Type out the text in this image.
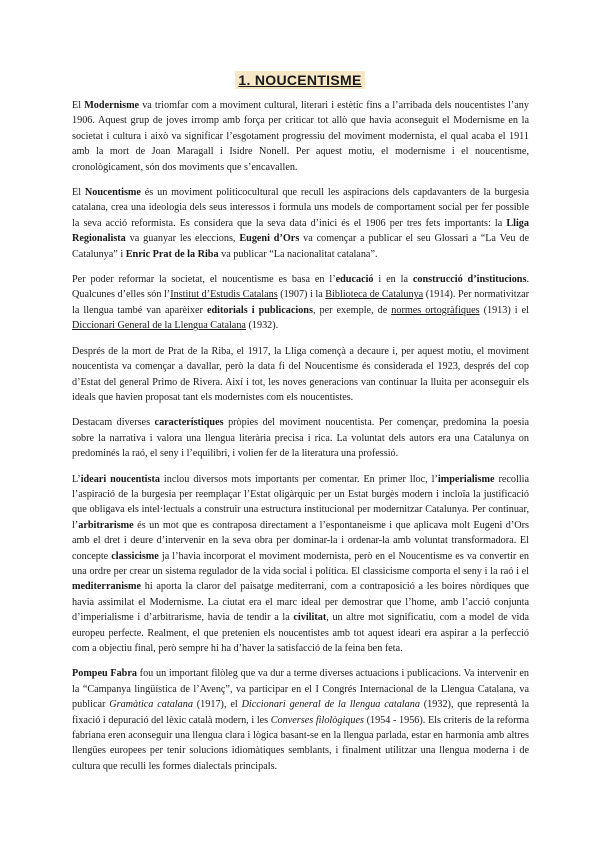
1. NOUCENTISME

El Modernisme va triomfar com a moviment cultural, literari i estètic fins a l’arribada dels noucentistes l’any 1906. Aquest grup de joves irromp amb força per criticar tot allò que havia aconseguit el Modernisme en la societat i cultura i això va significar l’esgotament progressiu del moviment modernista, el qual acaba el 1911 amb la mort de Joan Maragall i Isidre Nonell. Per aquest motiu, el modernisme i el noucentisme, cronològicament, són dos moviments que s’encavallen.

El Noucentisme és un moviment politicocultural que recull les aspiracions dels capdavanters de la burgesia catalana, crea una ideologia dels seus interessos i formula uns models de comportament social per fer possible la seva acció reformista. Es considera que la seva data d’inici és el 1906 per tres fets importants: la Lliga Regionalista va guanyar les eleccions, Eugeni d’Ors va començar a publicar el seu Glossari a “La Veu de Catalunya” i Enric Prat de la Riba va publicar “La nacionalitat catalana”.

Per poder reformar la societat, el noucentisme es basa en l’educació i en la construcció d’institucions. Qualcunes d’elles són l’Institut d’Estudis Catalans (1907) i la Biblioteca de Catalunya (1914). Per normativitzar la llengua també van aparèixer editorials i publicacions, per exemple, de normes ortogràfiques (1913) i el Diccionari General de la Llengua Catalana (1932).

Després de la mort de Prat de la Riba, el 1917, la Lliga començà a decaure i, per aquest motiu, el moviment noucentista va començar a davallar, però la data fi del Noucentisme és considerada el 1923, després del cop d’Estat del general Primo de Rivera. Així i tot, les noves generacions van continuar la lluita per aconseguir els ideals que havien proposat tant els modernistes com els noucentistes.

Destacam diverses característiques pròpies del moviment noucentista. Per començar, predomina la poesia sobre la narrativa i valora una llengua literària precisa i rica. La voluntat dels autors era una Catalunya on predominés la raó, el seny i l’equilibri, i volien fer de la literatura una professió.

L’ideari noucentista inclou diversos mots importants per comentar. En primer lloc, l’imperialisme recollia l’aspiració de la burgesia per reemplaçar l’Estat oligàrquic per un Estat burgès modern i incloïa la justificació que obligava els intel·lectuals a construir una estructura institucional per modernitzar Catalunya. Per continuar, l’arbitrarisme és un mot que es contraposa directament a l’espontaneisme i que aplicava molt Eugeni d’Ors amb el dret i deure d’intervenir en la seva obra per dominar-la i ordenar-la amb voluntat transformadora. El concepte classicisme ja l’havia incorporat el moviment modernista, però en el Noucentisme es va convertir en una ordre per crear un sistema regulador de la vida social i política. El classicisme comporta el seny i la raó i el mediterranisme hi aporta la claror del paisatge mediterrani, com a contraposició a les boires nòrdiques que havia assimilat el Modernisme. La ciutat era el marc ideal per demostrar que l’home, amb l’acció conjunta d’imperialisme i d’arbitrarisme, havia de tendir a la civilitat, un altre mot significatiu, com a model de vida europeu perfecte. Realment, el que pretenien els noucentistes amb tot aquest ideari era aspirar a la perfecció com a objectiu final, però sempre hi ha d’haver la satisfacció de la feina ben feta.

Pompeu Fabra fou un important filòleg que va dur a terme diverses actuacions i publicacions. Va intervenir en la “Campanya lingüística de l’Avenç”, va participar en el I Congrés Internacional de la Llengua Catalana, va publicar Gramàtica catalana (1917), el Diccionari general de la llengua catalana (1932), que representà la fixació i depuració del lèxic català modern, i les Converses filològiques (1954 - 1956). Els criteris de la reforma fabriana eren aconseguir una llengua clara i lògica basant-se en la llengua parlada, estar en harmonia amb altres llengües europees per tenir solucions idiomàtiques semblants, i finalment utilitzar una llengua moderna i de cultura que reculli les formes dialectals principals.
